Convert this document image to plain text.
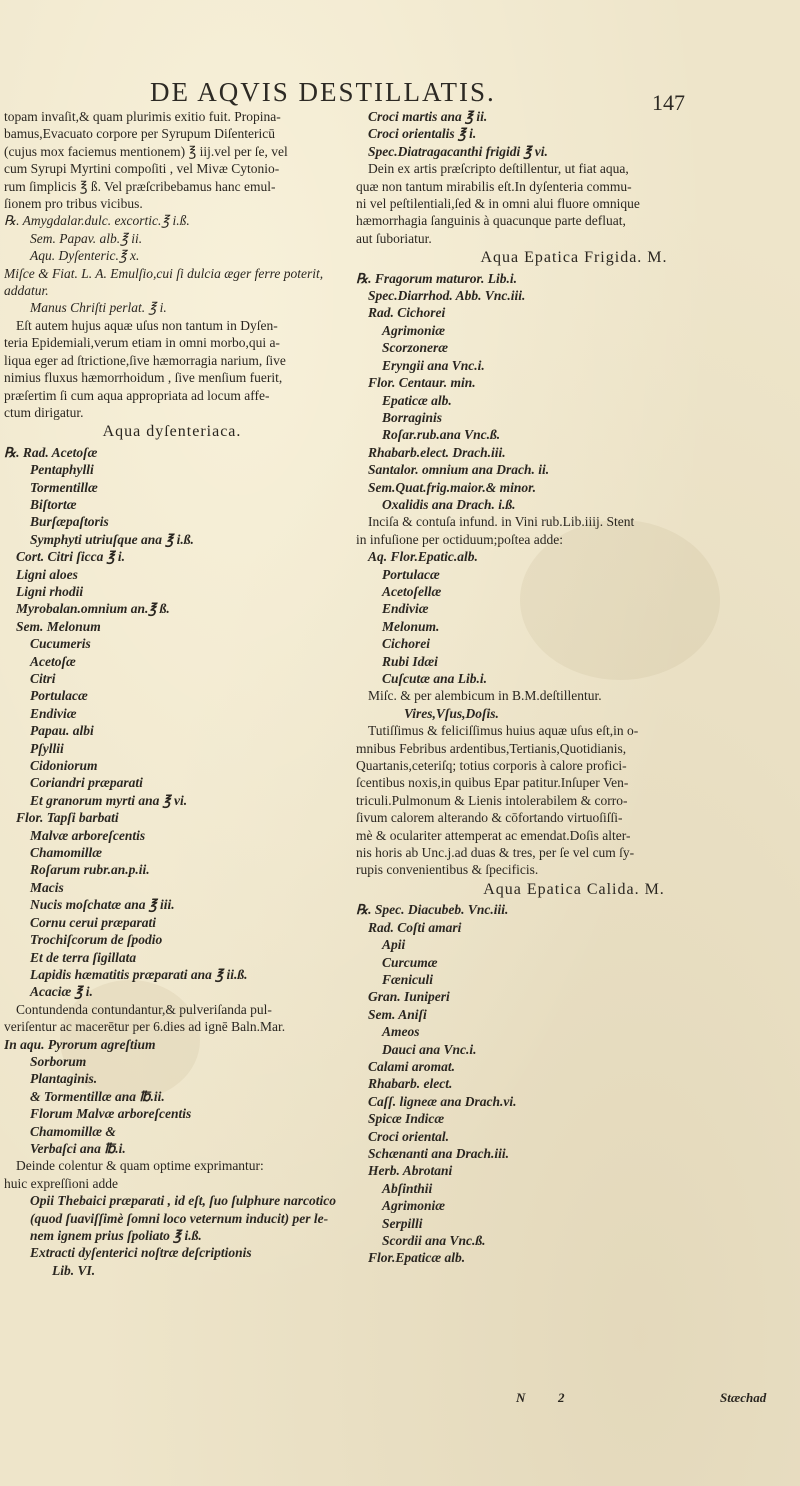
DE AQVIS DESTILLATIS.	147
topam invaſit,& quam plurimis exitio fuit. Propina-
bamus,Evacuato corpore per Syrupum Diſentericū
(cujus mox faciemus mentionem) ℥ iij.vel per ſe, vel
cum Syrupi Myrtini compoſiti , vel Mivæ Cytonio-
rum ſimplicis ℥ ß. Vel præſcribebamus hanc emul-
ſionem pro tribus vicibus.
℞. Amygdalar.dulc. excortic.℥ i.ß.
Sem. Papav. alb.℥ ii.
Aqu. Dyſenteric.℥ x.
Miſce & Fiat. L. A. Emulſio,cui ſi dulcia æger ferre poterit,
addatur.
Manus Chriſti perlat. ℥ i.
Eſt autem hujus aquæ uſus non tantum in Dyſen-
teria Epidemiali,verum etiam in omni morbo,qui a-
liqua eger ad ſtrictione,ſive hæmorragia narium, ſive
nimius fluxus hæmorrhoidum , ſive menſium fuerit,
præſertim ſi cum aqua appropriata ad locum affe-
ctum dirigatur.
Aqua dyſenteriaca.
℞. Rad. Acetoſæ
Pentaphylli
Tormentillæ
Biſtortæ
Burſæpaſtoris
Symphyti utriuſque ana ℥ i.ß.
Cort. Citri ſicca ℥ i.
Ligni aloes
Ligni rhodii
Myrobalan.omnium an.℥ ß.
Sem. Melonum
Cucumeris
Acetoſæ
Citri
Portulacæ
Endiviæ
Papau. albi
Pſyllii
Cidoniorum
Coriandri præparati
Et granorum myrti ana ℥ vi.
Flor. Tapſi barbati
Malvæ arboreſcentis
Chamomillæ
Roſarum rubr.an.p.ii.
Macis
Nucis moſchatæ ana ℥ iii.
Cornu cerui præparati
Trochiſcorum de ſpodio
Et de terra ſigillata
Lapidis hæmatitis præparati ana ℥ ii.ß.
Acaciæ ℥ i.
Contundenda contundantur,& pulveriſanda pul-
veriſentur ac macerētur per 6.dies ad ignē Baln.Mar.
In aqu. Pyrorum agreſtium
Sorborum
Plantaginis.
& Tormentillæ ana ℔.ii.
Florum Malvæ arboreſcentis
Chamomillæ &
Verbaſci ana ℔.i.
Deinde colentur & quam optime exprimantur:
huic expreſſioni adde
Opii Thebaici præparati , id eſt, ſuo ſulphure narcotico
(quod ſuaviſſimè ſomni loco veternum inducit) per le-
nem ignem prius ſpoliato ℥ i.ß.
Extracti dyſenterici noſtræ deſcriptionis
Lib. VI.
Croci martis ana ℥ ii.
Croci orientalis ℥ i.
Spec.Diatragacanthi frigidi ℥ vi.
Dein ex artis præſcripto deſtillentur, ut fiat aqua,
quæ non tantum mirabilis eſt.In dyſenteria commu-
ni vel peſtilentiali,ſed & in omni alui fluore omnique
hæmorrhagia ſanguinis à quacunque parte defluat,
aut ſuboriatur.
Aqua Epatica Frigida. M.
℞. Fragorum maturor. Lib.i.
Spec.Diarrhod. Abb. Vnc.iii.
Rad. Cichorei
Agrimoniæ
Scorzoneræ
Eryngii ana Vnc.i.
Flor. Centaur. min.
Epaticæ alb.
Borraginis
Roſar.rub.ana Vnc.ß.
Rhabarb.elect. Drach.iii.
Santalor. omnium ana Drach. ii.
Sem.Quat.frig.maior.& minor.
Oxalidis ana Drach. i.ß.
Inciſa & contuſa infund. in Vini rub.Lib.iiij. Stent
in infuſione per octiduum;poſtea adde:
Aq. Flor.Epatic.alb.
Portulacæ
Acetoſellæ
Endiviæ
Melonum.
Cichorei
Rubi Idæi
Cuſcutæ ana Lib.i.
Miſc. & per alembicum in B.M.deſtillentur.
Vires,Vſus,Doſis.
Tutiſſimus & feliciſſimus huius aquæ uſus eſt,in o-
mnibus Febribus ardentibus,Tertianis,Quotidianis,
Quartanis,ceteriſq; totius corporis à calore profici-
ſcentibus noxis,in quibus Epar patitur.Inſuper Ven-
triculi.Pulmonum & Lienis intolerabilem & corro-
ſivum calorem alterando & cōfortando virtuoſiſſi-
mè & oculariter attemperat ac emendat.Doſis alter-
nis horis ab Unc.j.ad duas & tres, per ſe vel cum ſy-
rupis convenientibus & ſpecificis.
Aqua Epatica Calida. M.
℞. Spec. Diacubeb. Vnc.iii.
Rad. Coſti amari
Apii
Curcumæ
Fæniculi
Gran. Iuniperi
Sem. Aniſi
Ameos
Dauci ana Vnc.i.
Calami aromat.
Rhabarb. elect.
Caſſ. ligneæ ana Drach.vi.
Spicæ Indicæ
Croci oriental.
Schænanti ana Drach.iii.
Herb. Abrotani
Abſinthii
Agrimoniæ
Serpilli
Scordii ana Vnc.ß.
Flor.Epaticæ alb.
N	2	Stæchad
